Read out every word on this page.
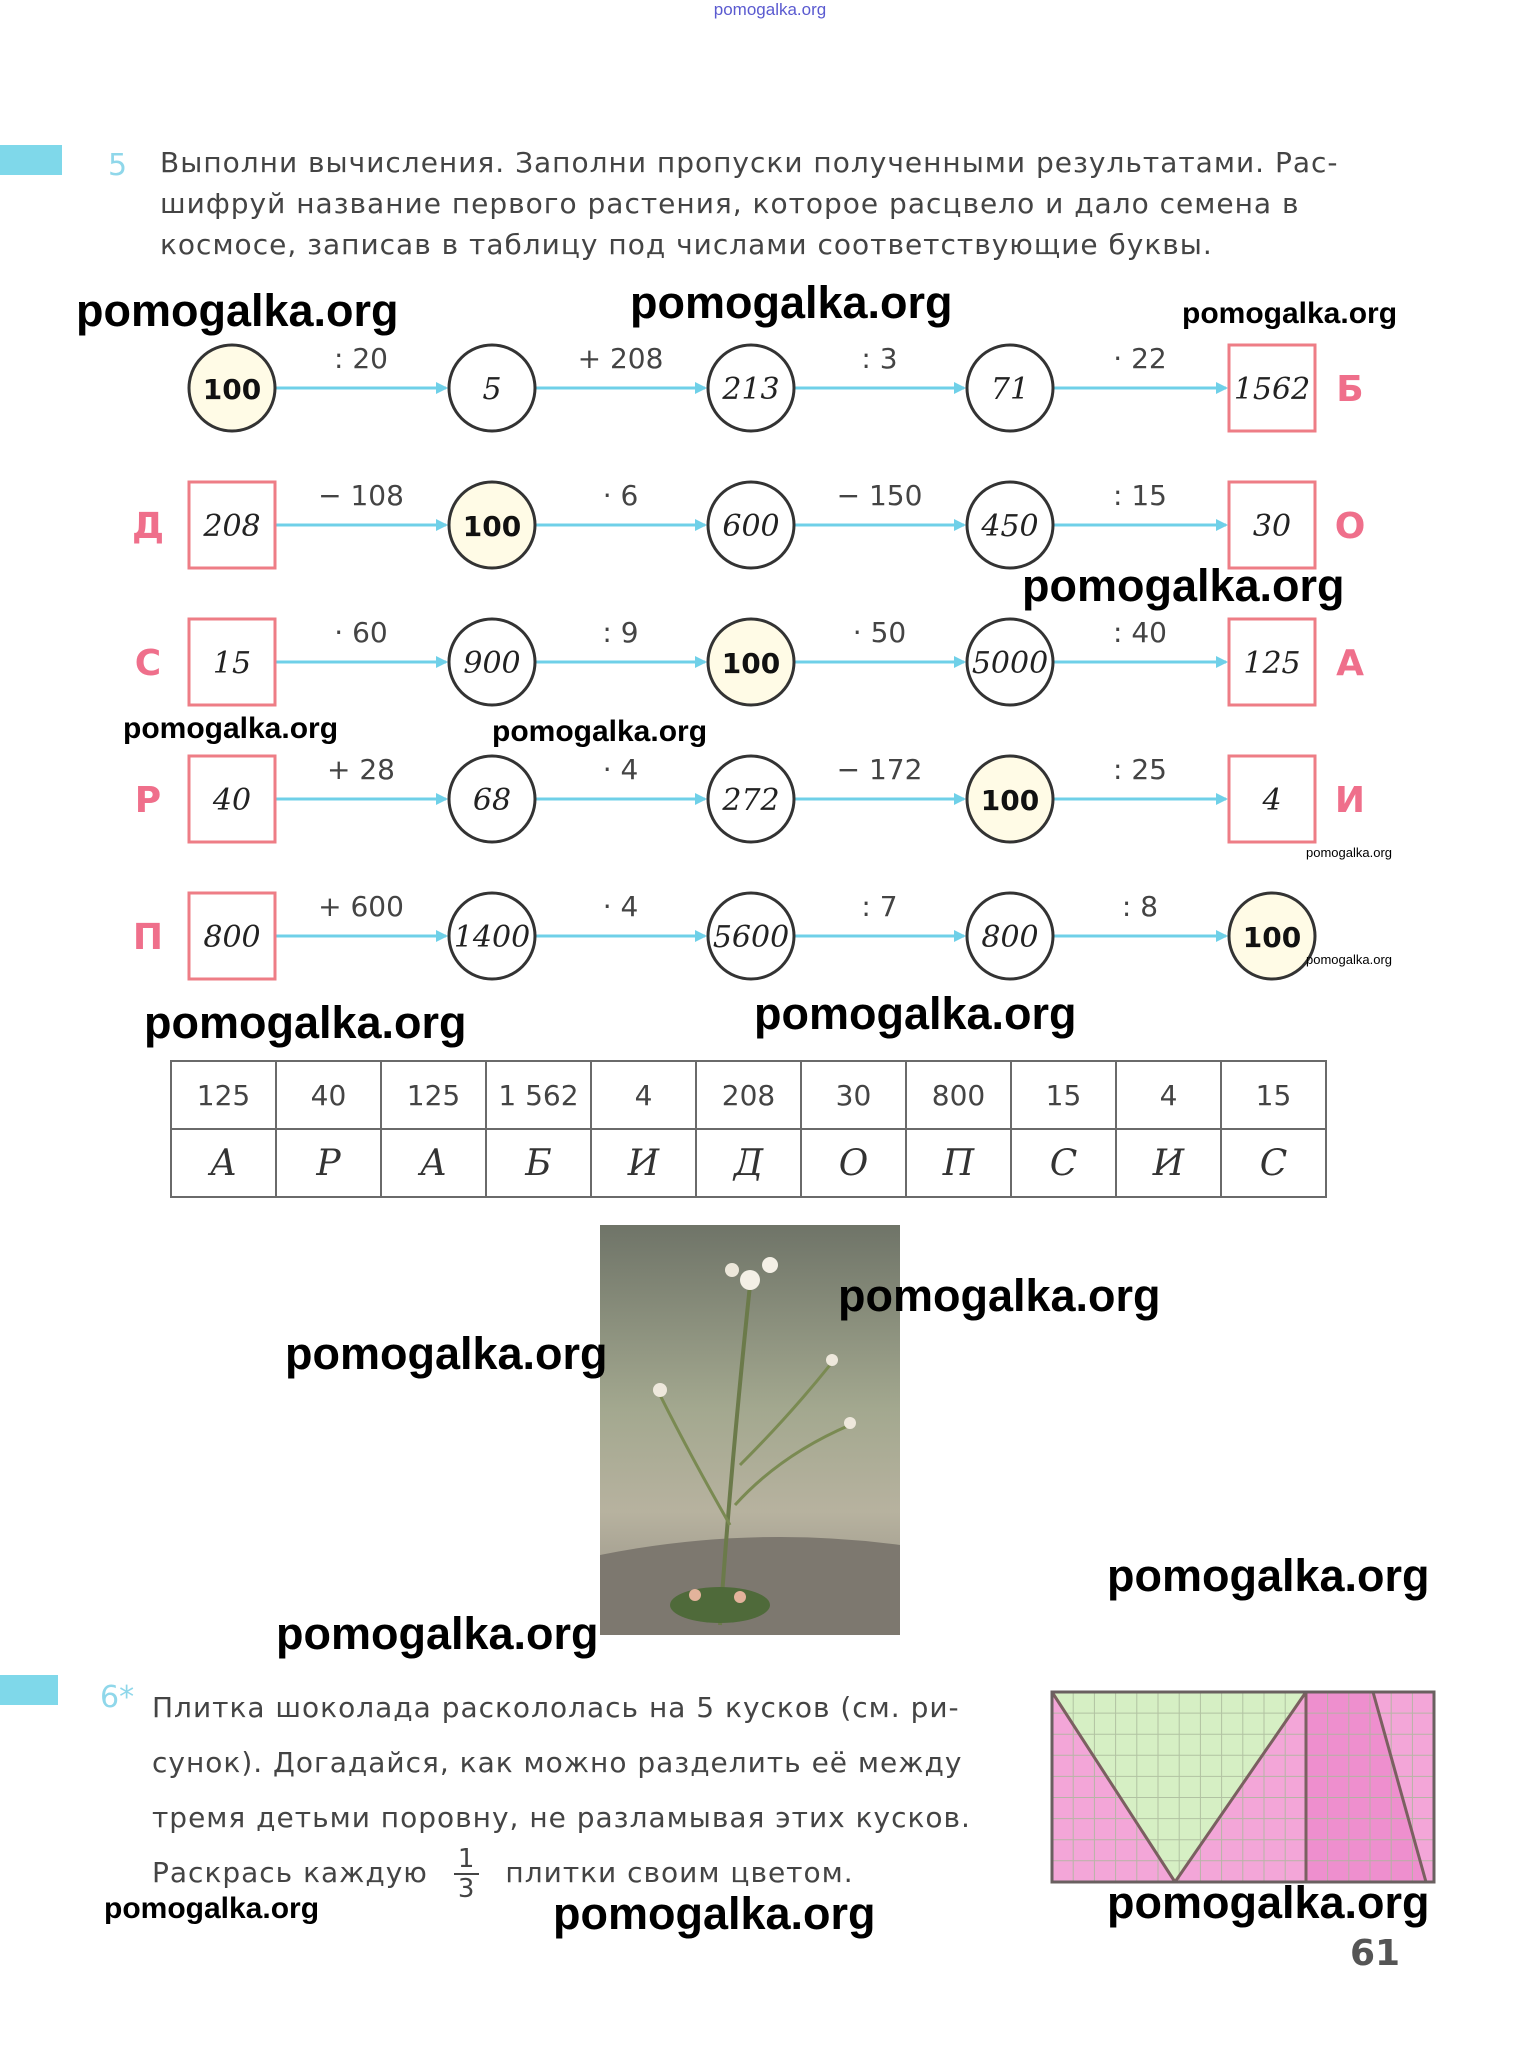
pomogalka.org
5 Выполни вычисления. Заполни пропуски полученными результатами. Рас-
шифруй название первого растения, которое расцвело и дало семена в
космосе, записав в таблицу под числами соответствующие буквы.
: 20	+ 208	: 3	· 22
100	5	213	71	1562 Б
− 108	· 6	− 150	: 15
208	100	600	450	30
Д	О
· 60	: 9	· 50	: 40
15	900	100	5000	125
С	А
+ 28	· 4	− 172	: 25
40	68	272	100	4
Р	И
+ 600	· 4	: 7	: 8
800	1400	5600	800	100
П
125	40	125	1 562	4	208	30	800	15	4	15
А	Р	А	Б	И	Д	О	П	С	И	С
6* Плитка шоколада раскололась на 5 кусков (см. ри-
сунок). Догадайся, как можно разделить её между
тремя детьми поровну, не разламывая этих кусков.
Раскрась каждую $\frac{1}{3}$ плитки своим цветом.
61
pomogalka.org	pomogalka.org	pomogalka.org
pomogalka.org
pomogalka.org	pomogalka.org
pomogalka.org
pomogalka.org
pomogalka.org	pomogalka.org
pomogalka.org
pomogalka.org
pomogalka.org
pomogalka.org
pomogalka.org	pomogalka.org	pomogalka.org
